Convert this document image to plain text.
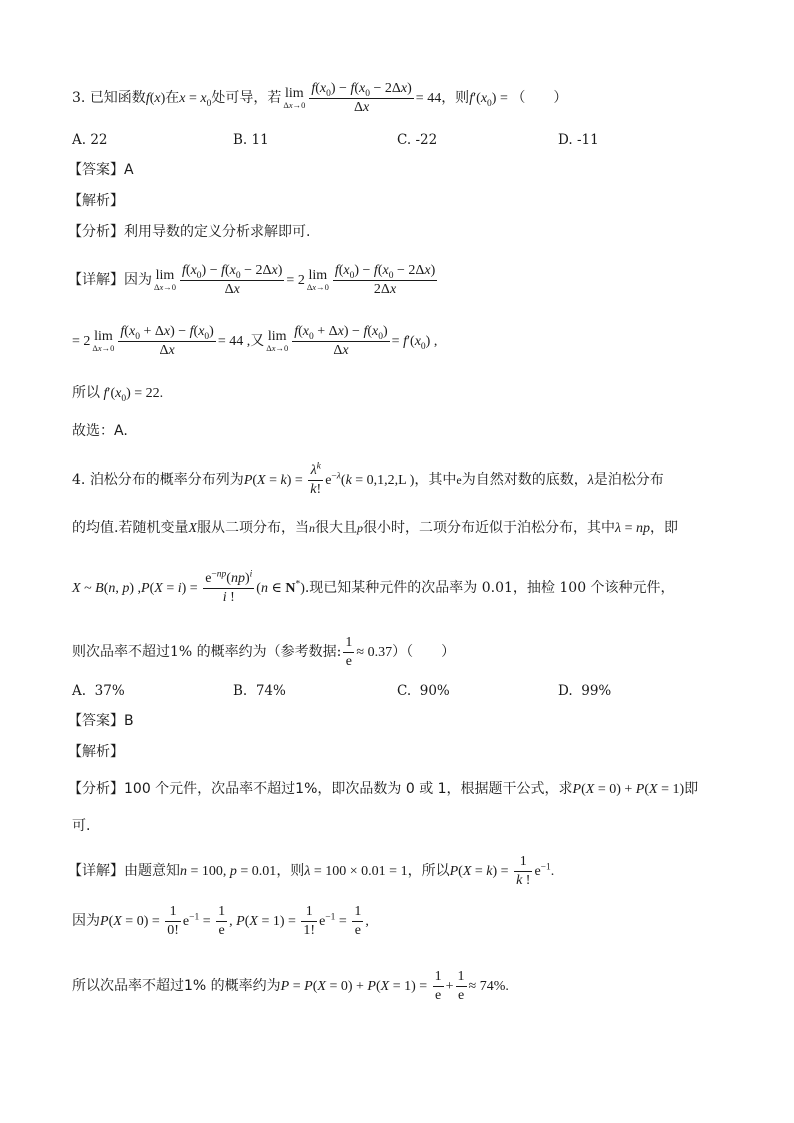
3. 已知函数f(x)在$x = x_0$处可导，若 lim
$\Delta x\to 0 \frac{f(x_0) - f(x_0 - 2\Delta x)}{\Delta x} = 44$，则$f'(x_0)$ = （　　）
A. 22	B. 11	C. -22	D. -11
【答案】A
【解析】
【分析】利用导数的定义分析求解即可.
【详解】因为 lim
$\Delta x\to 0 \frac{f(x_0) - f(x_0 - 2\Delta x)}{\Delta x} = 2$ lim
$\Delta x\to 0 \frac{f(x_0) - f(x_0 - 2\Delta x)}{2\Delta x}$
= 2 lim
$\Delta x\to 0 \frac{f(x_0 + \Delta x) - f(x_0)}{\Delta x} = 44$ ,又 lim
$\Delta x\to 0 \frac{f(x_0 + \Delta x) - f(x_0)}{\Delta x} = f'(x_0)$ ,
所以 $f'(x_0) = 22$.
故选：A.
4. 泊松分布的概率分布列为$P(X = k) = \frac{\lambda^k}{k!} e^{-\lambda}(k = 0,1,2,L$ )，其中e为自然对数的底数，λ是泊松分布
的均值.若随机变量X服从二项分布，当n很大且p很小时，二项分布近似于泊松分布，其中λ = np，即
X ~ B(n, p) $,P(X = i) = \frac{e^{-np}(np)^i}{i !} (n$ ∈ N*).现已知某种元件的次品率为 0.01，抽检 100 个该种元件，
则次品率不超过1% 的概率约为（参考数据: $\frac{1}{e} \approx 0.37$）（　　）
A. 37%	B. 74%	C. 90%	D. 99%
【答案】B
【解析】
【分析】100 个元件，次品率不超过1%，即次品数为 0 或 1，根据题干公式，求P(X = 0) + P(X = 1)即
可.
【详解】由题意知n = 100, p = 0.01，则λ = 100 × 0.01 = 1，所以$P(X = k) = \frac{1}{k !} e^{-1}$.
因为$P(X = 0) = \frac{1}{0!} e^{-1} = \frac{1}{e}$ , $P(X = 1) = \frac{1}{1!} e^{-1} = \frac{1}{e}$ ,
所以次品率不超过1% 的概率约为$P = P(X = 0) + P(X = 1) = \frac{1}{e} + \frac{1}{e} \approx 74\%$.
